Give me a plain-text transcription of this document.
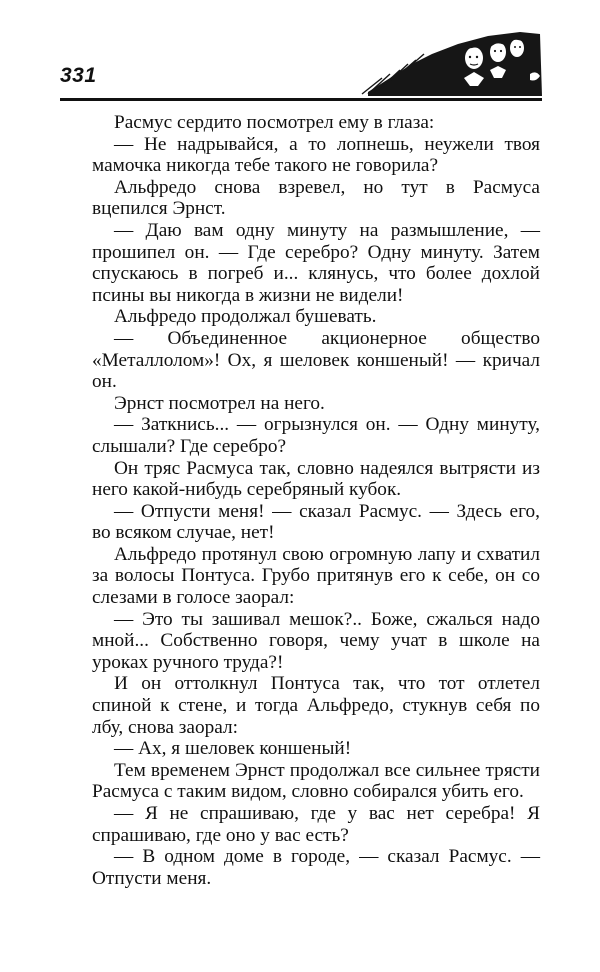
331

Расмус сердито посмотрел ему в глаза:

— Не надрывайся, а то лопнешь, неужели твоя мамочка никогда тебе такого не говорила?

Альфредо снова взревел, но тут в Расмуса вцепился Эрнст.

— Даю вам одну минуту на размышление, — прошипел он. — Где серебро? Одну минуту. Затем спускаюсь в погреб и... клянусь, что более дохлой псины вы никогда в жизни не видели!

Альфредо продолжал бушевать.

— Объединенное акционерное общество «Металлолом»! Ох, я шеловек коншеный! — кричал он.

Эрнст посмотрел на него.

— Заткнись... — огрызнулся он. — Одну минуту, слышали? Где серебро?

Он тряс Расмуса так, словно надеялся вытрясти из него какой-нибудь серебряный кубок.

— Отпусти меня! — сказал Расмус. — Здесь его, во всяком случае, нет!

Альфредо протянул свою огромную лапу и схватил за волосы Понтуса. Грубо притянув его к себе, он со слезами в голосе заорал:

— Это ты зашивал мешок?.. Боже, сжалься надо мной... Собственно говоря, чему учат в школе на уроках ручного труда?!

И он оттолкнул Понтуса так, что тот отлетел спиной к стене, и тогда Альфредо, стукнув себя по лбу, снова заорал:

— Ах, я шеловек коншеный!

Тем временем Эрнст продолжал все сильнее трясти Расмуса с таким видом, словно собирался убить его.

— Я не спрашиваю, где у вас нет серебра! Я спрашиваю, где оно у вас есть?

— В одном доме в городе, — сказал Расмус. — Отпусти меня.
